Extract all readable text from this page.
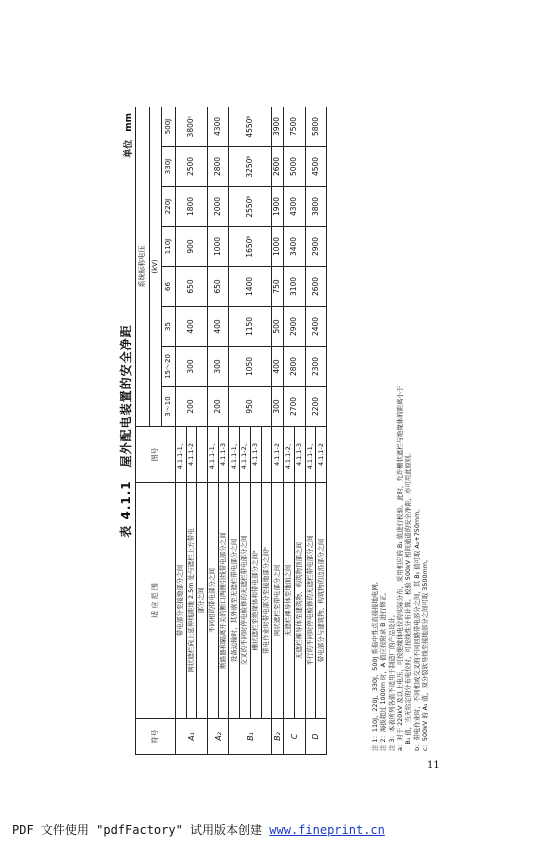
表 4.1.1　屋外配电装置的安全净距
单位mm
符号	适 应 范 围	图号	系统标称电压							
			(kV)							
			3～10	15～20	35	66	110J	220J	330J	500J
A₁	带电部分至接地部分之间	4.1.1-1、	200	300	400	650	900	1800	2500	3800ᶜ
	网状遮栏向上延伸线距地 2.5m 处与遮栏上方带电	4.1.1-2								
	部分之间									
A₂	不同相的带电部分之间	4.1.1-1、	200	300	400	650	1000	2000	2800	4300
	断路器和隔离开关的断口两侧引线带电部分之间	4.1.1-3								
B₁	设备运输时，其外廓至无遮栏带电部分之间	4.1.1-1、	950	1050	1150	1400	1650ᵇ	2550ᵇ	3250ᵇ	4550ᵇ
	交叉的不同时停电检修的无遮栏带电部分之间	4.1.1-2、								
	栅状遮栏至绝缘体和带电部分之间ᵃ	4.1.1-3								
	带电作业时带电部分至接地部分之间ᵇ									
B₂	网状遮栏至带电部分之间	4.1.1-2	300	400	500	750	1000	1900	2600	3900
C	无遮栏裸导体至地面之间	4.1.1-2、	2700	2800	2900	3100	3400	4300	5000	7500
	无遮栏裸导体至建筑物、构筑物顶部之间	4.1.1-3								
D	平行的不同时停电检修的无遮栏带电部分之间	4.1.1-1、	2200	2300	2400	2600	2900	3800	4500	5800
	带电部分与建筑物、构筑物的边沿部分之间	4.1.1-2								
注 1：110J、220J、330J、500J 系指中性点直接接地电网。 注 2：海拔超过 1000m 时，A 值应按附录 B 进行修正。 注 3：本表所列各值不适用于制造厂的产品设计。 a：对于 220kV 及以上电压，可按绝缘体电位的实际分布，采用相应的 B₁ 值进行校验。此时，允许栅状遮栏与绝缘体的距离小于 　B₁ 值，当无给定的分布电位时，可按线性分布计算。校验 500kV 相间通道的安全净距，亦可用此原则。 b：带电作业时，不同相或交叉的不同回路带电部分之间，其 B₁ 值可取 A₂+750mm。 c：500kV 的 A₁ 值，双分裂软导线至接地部分之间可取 3500mm。
11
PDF 文件使用 "pdfFactory" 试用版本创建 www.fineprint.cn
